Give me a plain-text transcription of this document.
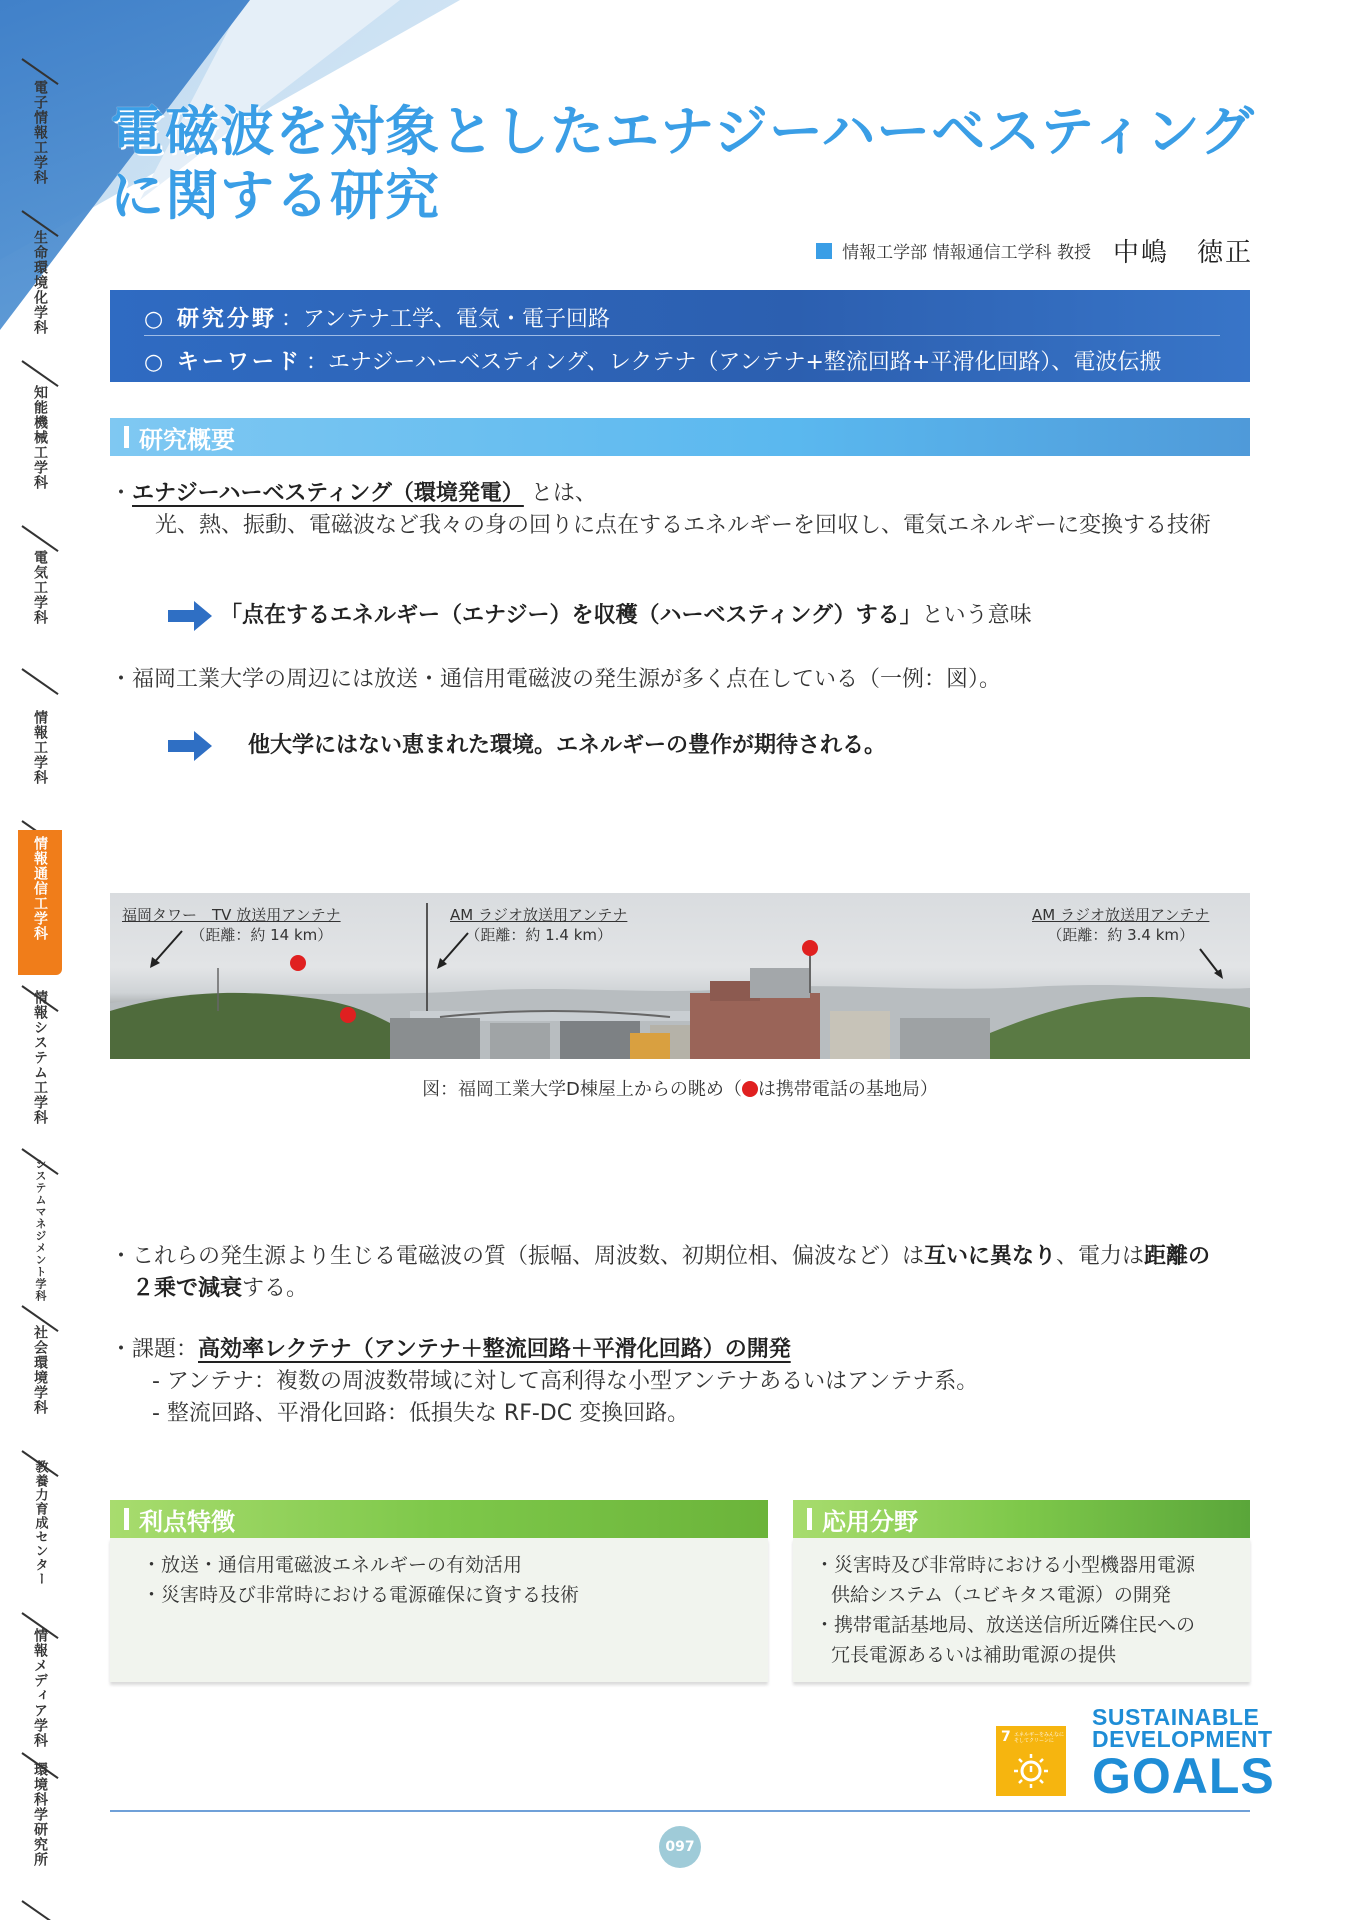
電子情報工学科
生命環境化学科
知能機械工学科
電気工学科
情報工学科
情報通信工学科
情報システム工学科
システムマネジメント学科
社会環境学科
教養力育成センター
情報メディア学科
環境科学研究所
電磁波を対象としたエナジーハーベスティング
に関する研究
情報工学部 情報通信工学科 教授 中嶋　徳正
○ 研究分野 ：アンテナ工学、電気・電子回路
○ キーワード ：エナジーハーベスティング、レクテナ（アンテナ+整流回路+平滑化回路）、電波伝搬
研究概要
・エナジーハーベスティング（環境発電） とは、
光、熱、振動、電磁波など我々の身の回りに点在するエネルギーを回収し、電気エネルギーに変換する技術
「点在するエネルギー（エナジー）を収穫（ハーベスティング）する」という意味
・福岡工業大学の周辺には放送・通信用電磁波の発生源が多く点在している（一例：図）。
他大学にはない恵まれた環境。エネルギーの豊作が期待される。
福岡タワー　TV 放送用アンテナ
（距離：約 14 km）
AM ラジオ放送用アンテナ
（距離：約 1.4 km）
AM ラジオ放送用アンテナ
（距離：約 3.4 km）
図：福岡工業大学D棟屋上からの眺め（ は携帯電話の基地局）
・これらの発生源より生じる電磁波の質（振幅、周波数、初期位相、偏波など）は互いに異なり、電力は距離の
２乗で減衰する。
・課題：高効率レクテナ（アンテナ＋整流回路＋平滑化回路）の開発
- アンテナ：複数の周波数帯域に対して高利得な小型アンテナあるいはアンテナ系。
- 整流回路、平滑化回路：低損失な RF-DC 変換回路。
利点特徴
・放送・通信用電磁波エネルギーの有効活用
・災害時及び非常時における電源確保に資する技術
応用分野
・災害時及び非常時における小型機器用電源
供給システム（ユビキタス電源）の開発
・携帯電話基地局、放送送信所近隣住民への
冗長電源あるいは補助電源の提供
7 エネルギーをみんなに
そしてクリーンに
SUSTAINABLE
DEVELOPMENT
GOALS
097
